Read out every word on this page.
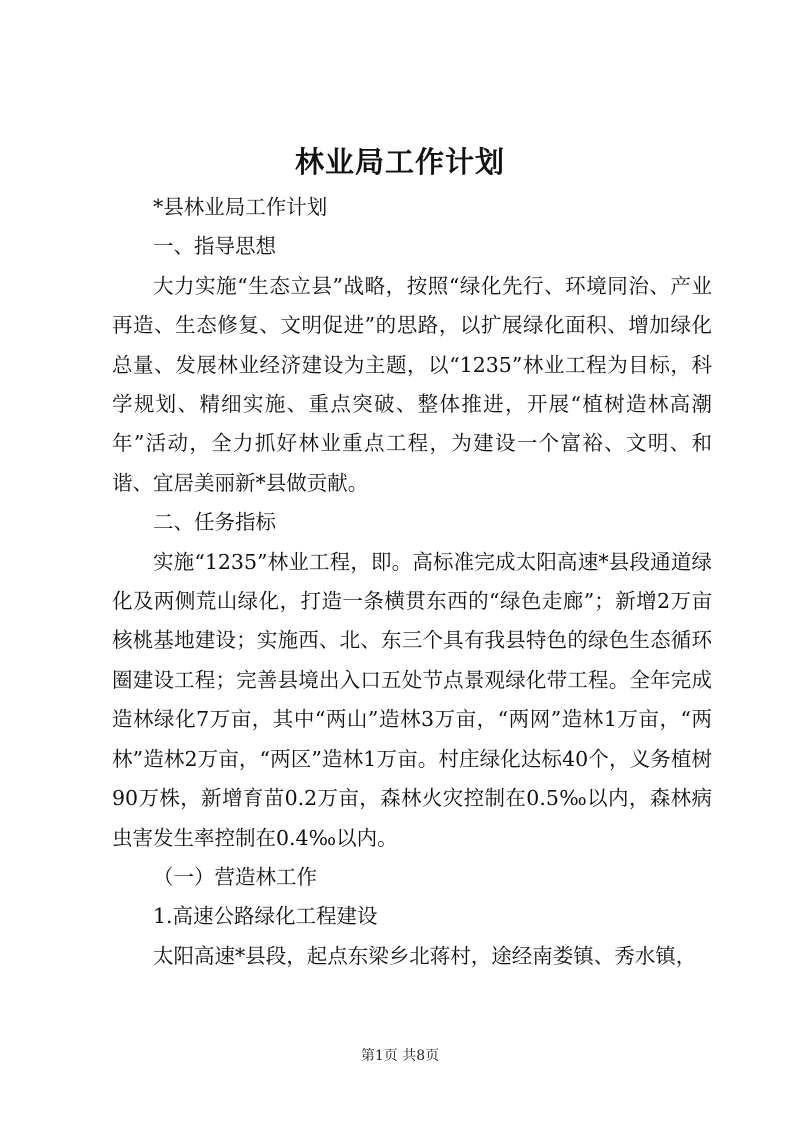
林业局工作计划

*县林业局工作计划

一、指导思想

大力实施“生态立县”战略，按照“绿化先行、环境同治、产业再造、生态修复、文明促进”的思路，以扩展绿化面积、增加绿化总量、发展林业经济建设为主题，以“1235”林业工程为目标，科学规划、精细实施、重点突破、整体推进，开展“植树造林高潮年”活动，全力抓好林业重点工程，为建设一个富裕、文明、和谐、宜居美丽新*县做贡献。

二、任务指标

实施“1235”林业工程，即。高标准完成太阳高速*县段通道绿化及两侧荒山绿化，打造一条横贯东西的“绿色走廊”；新增2万亩核桃基地建设；实施西、北、东三个具有我县特色的绿色生态循环圈建设工程；完善县境出入口五处节点景观绿化带工程。全年完成造林绿化7万亩，其中“两山”造林3万亩，“两网”造林1万亩，“两林”造林2万亩，“两区”造林1万亩。村庄绿化达标40个，义务植树90万株，新增育苗0.2万亩，森林火灾控制在0.5‰以内，森林病虫害发生率控制在0.4‰以内。

（一）营造林工作

1.高速公路绿化工程建设

太阳高速*县段，起点东梁乡北蒋村，途经南娄镇、秀水镇，

第1页 共8页
